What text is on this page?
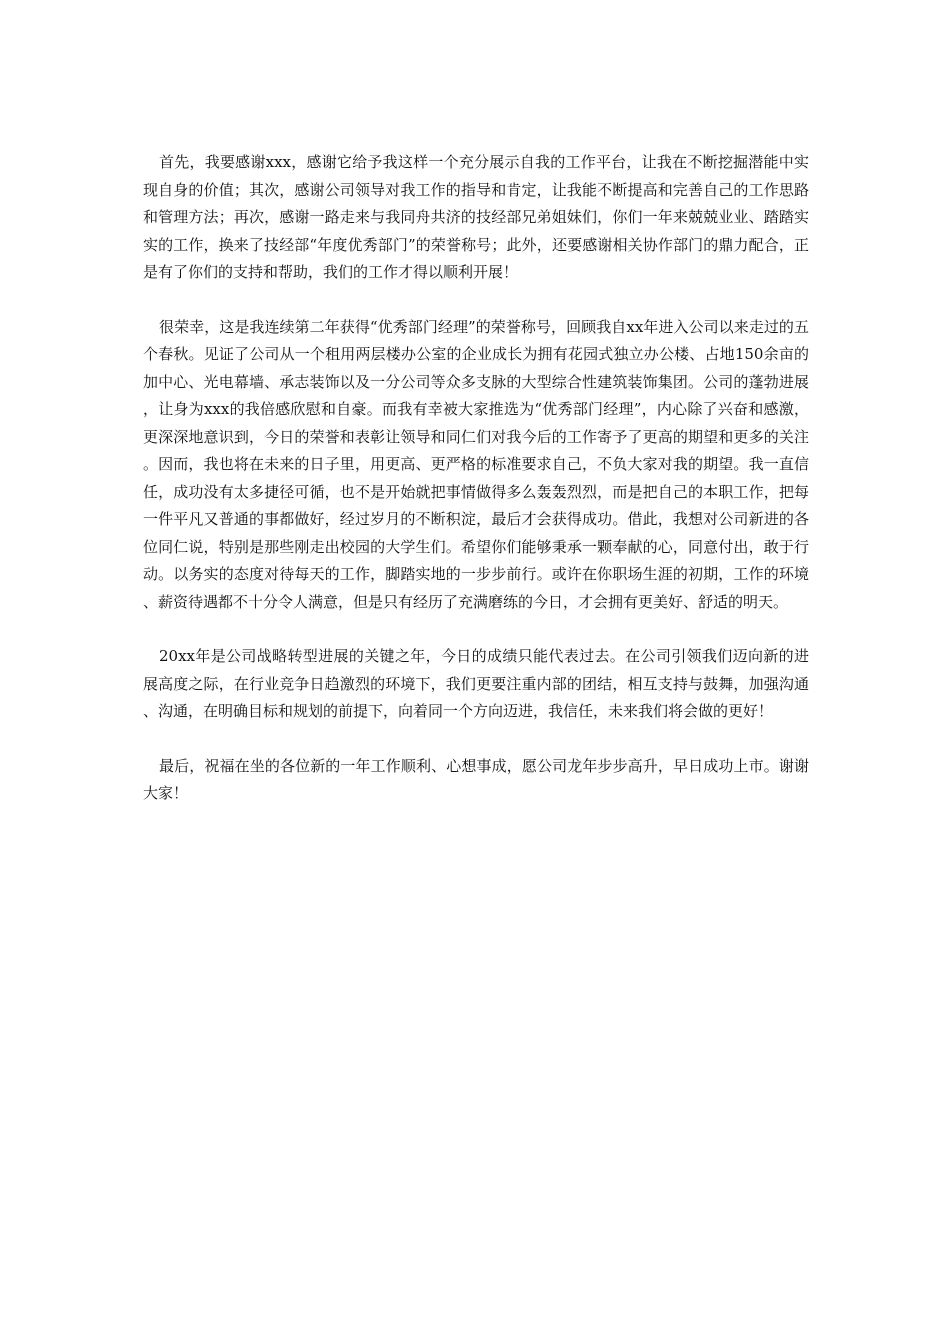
首先，我要感谢xxx，感谢它给予我这样一个充分展示自我的工作平台，让我在不断挖掘潜能中实现自身的价值；其次，感谢公司领导对我工作的指导和肯定，让我能不断提高和完善自己的工作思路和管理方法；再次，感谢一路走来与我同舟共济的技经部兄弟姐妹们，你们一年来兢兢业业、踏踏实实的工作，换来了技经部“年度优秀部门”的荣誉称号；此外，还要感谢相关协作部门的鼎力配合，正是有了你们的支持和帮助，我们的工作才得以顺利开展！

很荣幸，这是我连续第二年获得“优秀部门经理”的荣誉称号，回顾我自xx年进入公司以来走过的五个春秋。见证了公司从一个租用两层楼办公室的企业成长为拥有花园式独立办公楼、占地150余亩的加中心、光电幕墙、承志装饰以及一分公司等众多支脉的大型综合性建筑装饰集团。公司的蓬勃进展，让身为xxx的我倍感欣慰和自豪。而我有幸被大家推选为“优秀部门经理”，内心除了兴奋和感激，更深深地意识到，今日的荣誉和表彰让领导和同仁们对我今后的工作寄予了更高的期望和更多的关注。因而，我也将在未来的日子里，用更高、更严格的标准要求自己，不负大家对我的期望。我一直信任，成功没有太多捷径可循，也不是开始就把事情做得多么轰轰烈烈，而是把自己的本职工作，把每一件平凡又普通的事都做好，经过岁月的不断积淀，最后才会获得成功。借此，我想对公司新进的各位同仁说，特别是那些刚走出校园的大学生们。希望你们能够秉承一颗奉献的心，同意付出，敢于行动。以务实的态度对待每天的工作，脚踏实地的一步步前行。或许在你职场生涯的初期，工作的环境、薪资待遇都不十分令人满意，但是只有经历了充满磨练的今日，才会拥有更美好、舒适的明天。

20xx年是公司战略转型进展的关键之年，今日的成绩只能代表过去。在公司引领我们迈向新的进展高度之际，在行业竞争日趋激烈的环境下，我们更要注重内部的团结，相互支持与鼓舞，加强沟通、沟通，在明确目标和规划的前提下，向着同一个方向迈进，我信任，未来我们将会做的更好！

最后，祝福在坐的各位新的一年工作顺利、心想事成，愿公司龙年步步高升，早日成功上市。谢谢大家！
